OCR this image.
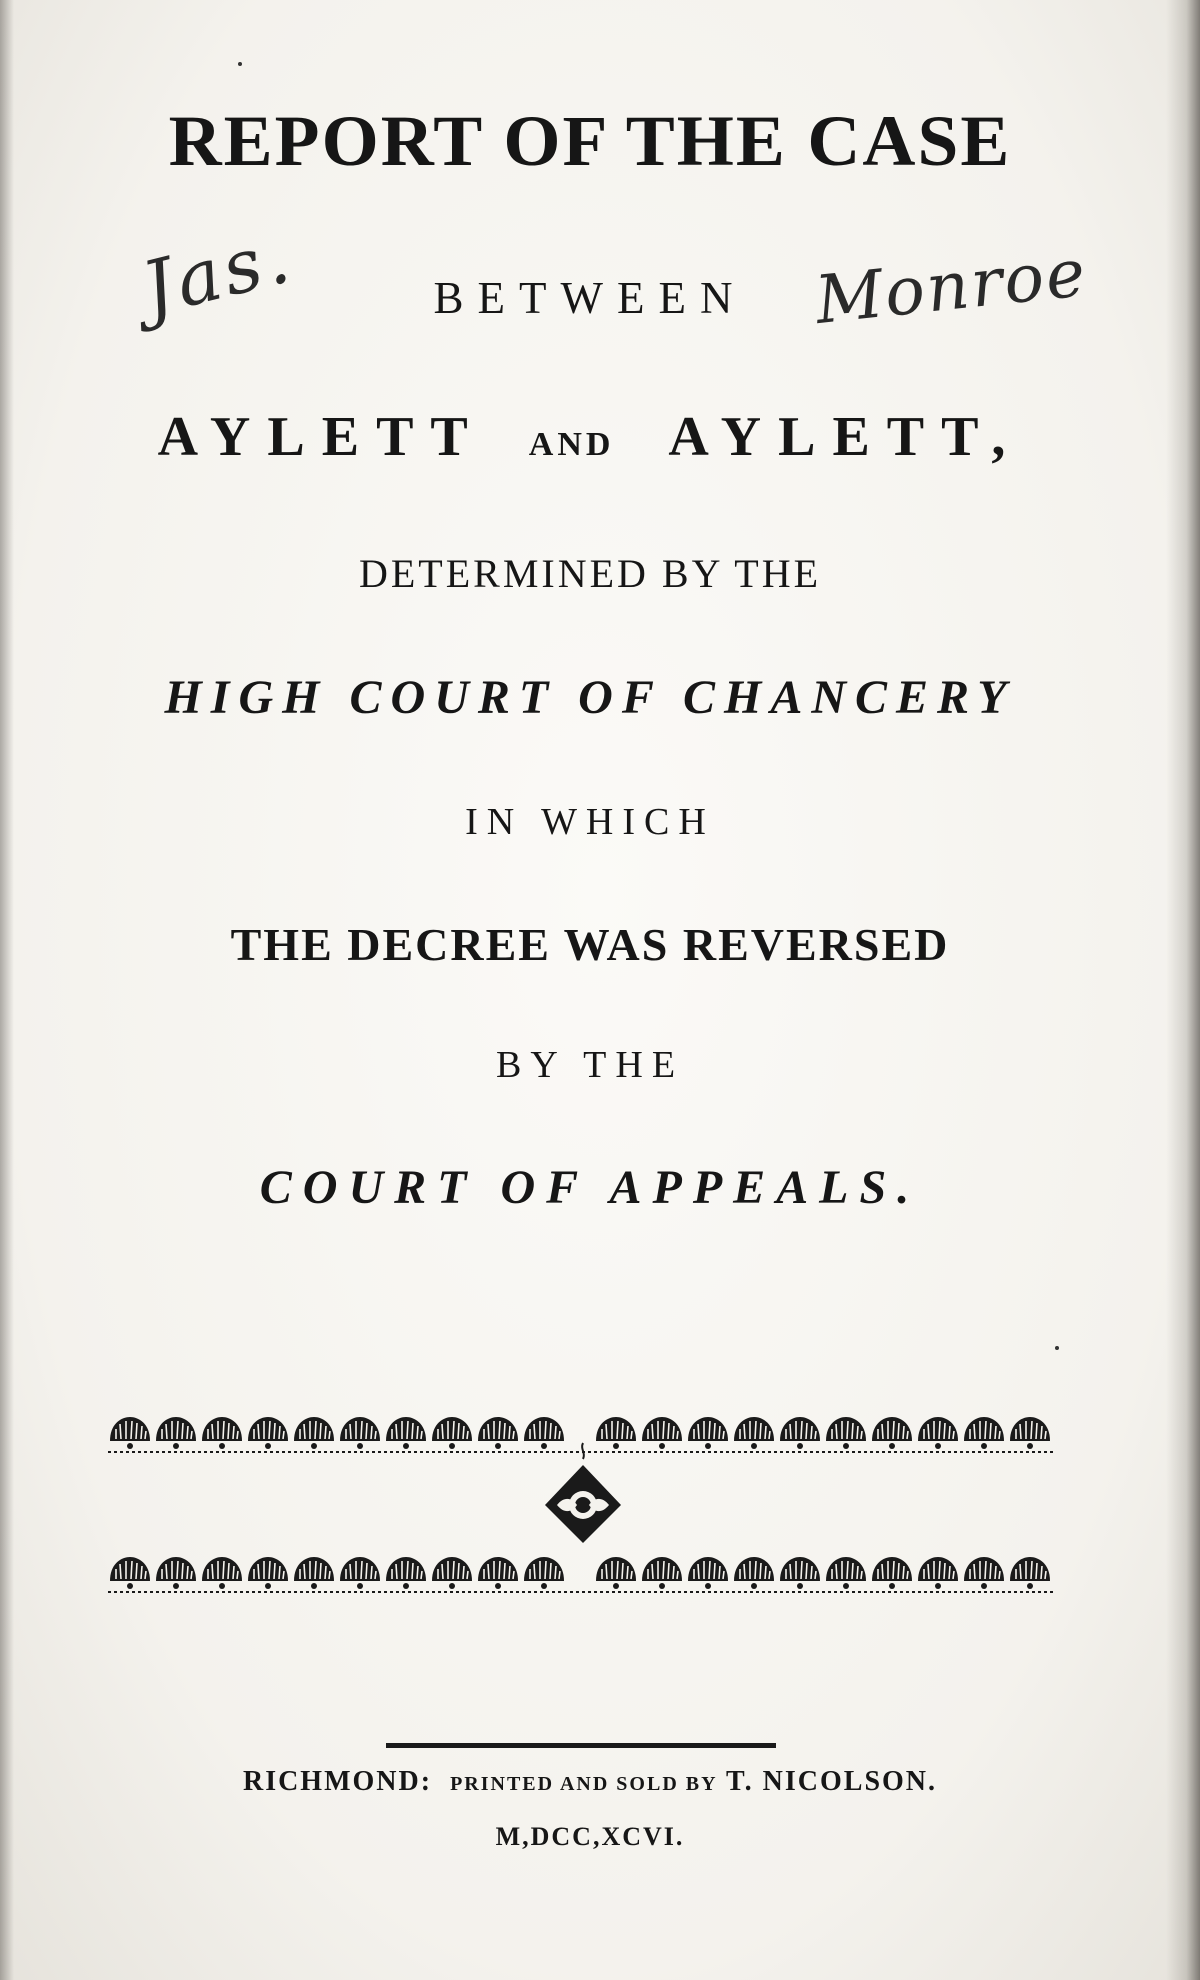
REPORT OF THE CASE
Jas.	BETWEEN Monroe
AYLETT AND AYLETT,
DETERMINED BY THE
HIGH COURT OF CHANCERY
IN WHICH
THE DECREE WAS REVERSED
BY THE
COURT OF APPEALS.
RICHMOND: PRINTED AND SOLD BY T. NICOLSON.
M,DCC,XCVI.
